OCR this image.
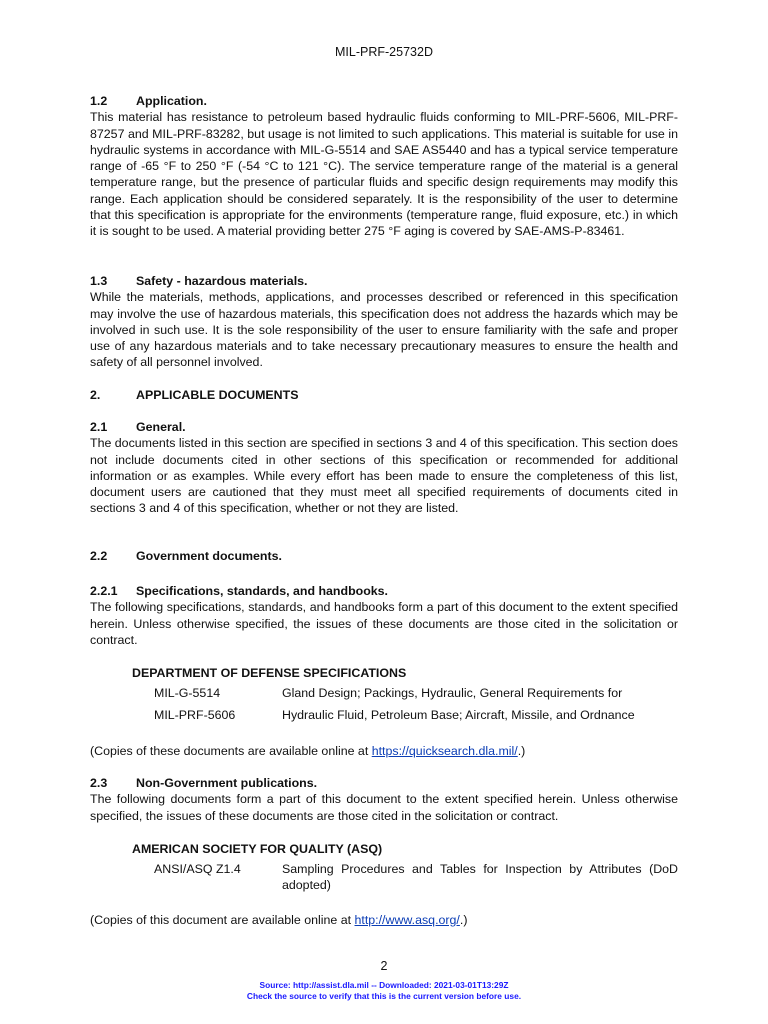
MIL-PRF-25732D

1.2	Application.

This material has resistance to petroleum based hydraulic fluids conforming to MIL-PRF-5606, MIL-PRF-87257 and MIL-PRF-83282, but usage is not limited to such applications. This material is suitable for use in hydraulic systems in accordance with MIL-G-5514 and SAE AS5440 and has a typical service temperature range of -65 °F to 250 °F (-54 °C to 121 °C). The service temperature range of the material is a general temperature range, but the presence of particular fluids and specific design requirements may modify this range. Each application should be considered separately. It is the responsibility of the user to determine that this specification is appropriate for the environments (temperature range, fluid exposure, etc.) in which it is sought to be used. A material providing better 275 °F aging is covered by SAE-AMS-P-83461.

1.3	Safety - hazardous materials.

While the materials, methods, applications, and processes described or referenced in this specification may involve the use of hazardous materials, this specification does not address the hazards which may be involved in such use. It is the sole responsibility of the user to ensure familiarity with the safe and proper use of any hazardous materials and to take necessary precautionary measures to ensure the health and safety of all personnel involved.

2.	APPLICABLE DOCUMENTS

2.1	General.

The documents listed in this section are specified in sections 3 and 4 of this specification. This section does not include documents cited in other sections of this specification or recommended for additional information or as examples. While every effort has been made to ensure the completeness of this list, document users are cautioned that they must meet all specified requirements of documents cited in sections 3 and 4 of this specification, whether or not they are listed.

2.2	Government documents.

2.2.1	Specifications, standards, and handbooks.

The following specifications, standards, and handbooks form a part of this document to the extent specified herein. Unless otherwise specified, the issues of these documents are those cited in the solicitation or contract.

DEPARTMENT OF DEFENSE SPECIFICATIONS

MIL-G-5514	Gland Design; Packings, Hydraulic, General Requirements for
MIL-PRF-5606	Hydraulic Fluid, Petroleum Base; Aircraft, Missile, and Ordnance

(Copies of these documents are available online at https://quicksearch.dla.mil/.)

2.3	Non-Government publications.

The following documents form a part of this document to the extent specified herein. Unless otherwise specified, the issues of these documents are those cited in the solicitation or contract.

AMERICAN SOCIETY FOR QUALITY (ASQ)

ANSI/ASQ Z1.4	Sampling Procedures and Tables for Inspection by Attributes (DoD adopted)

(Copies of this document are available online at http://www.asq.org/.)

2
Source: http://assist.dla.mil -- Downloaded: 2021-03-01T13:29Z
Check the source to verify that this is the current version before use.
